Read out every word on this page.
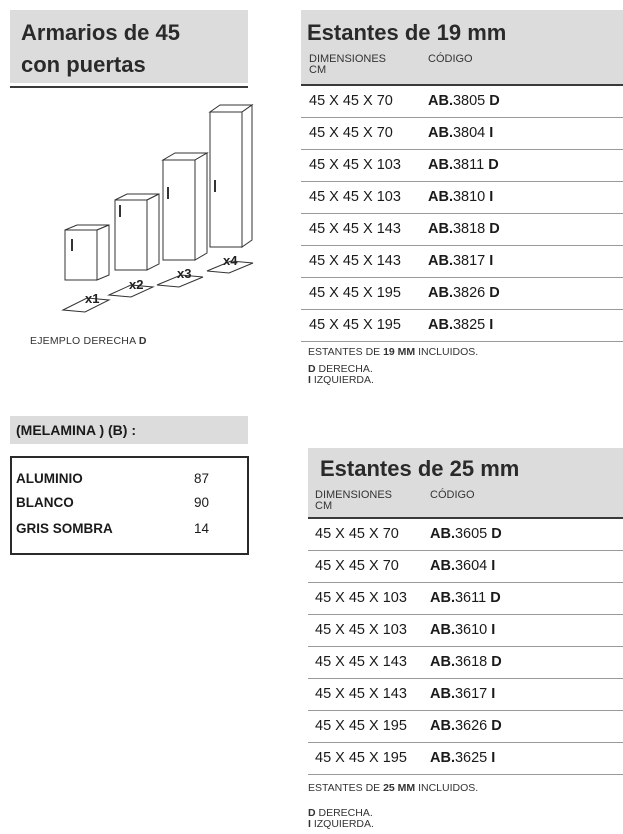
Armarios de 45
con puertas
x1
x2
x3
x4
EJEMPLO DERECHA D
(MELAMINA ) (B) :
ALUMINIO	87
BLANCO	90
GRIS SOMBRA	14
Estantes de 19 mm
DIMENSIONES
CM
CÓDIGO
45 X 45 X 70 AB.3805 D
45 X 45 X 70 AB.3804 I
45 X 45 X 103 AB.3811 D
45 X 45 X 103 AB.3810 I
45 X 45 X 143 AB.3818 D
45 X 45 X 143 AB.3817 I
45 X 45 X 195 AB.3826 D
45 X 45 X 195 AB.3825 I
ESTANTES DE 19 MM INCLUIDOS.
D DERECHA.
I IZQUIERDA.
Estantes de 25 mm
DIMENSIONES
CM
CÓDIGO
45 X 45 X 70 AB.3605 D
45 X 45 X 70 AB.3604 I
45 X 45 X 103 AB.3611 D
45 X 45 X 103 AB.3610 I
45 X 45 X 143 AB.3618 D
45 X 45 X 143 AB.3617 I
45 X 45 X 195 AB.3626 D
45 X 45 X 195 AB.3625 I
ESTANTES DE 25 MM INCLUIDOS.
D DERECHA.
I IZQUIERDA.
